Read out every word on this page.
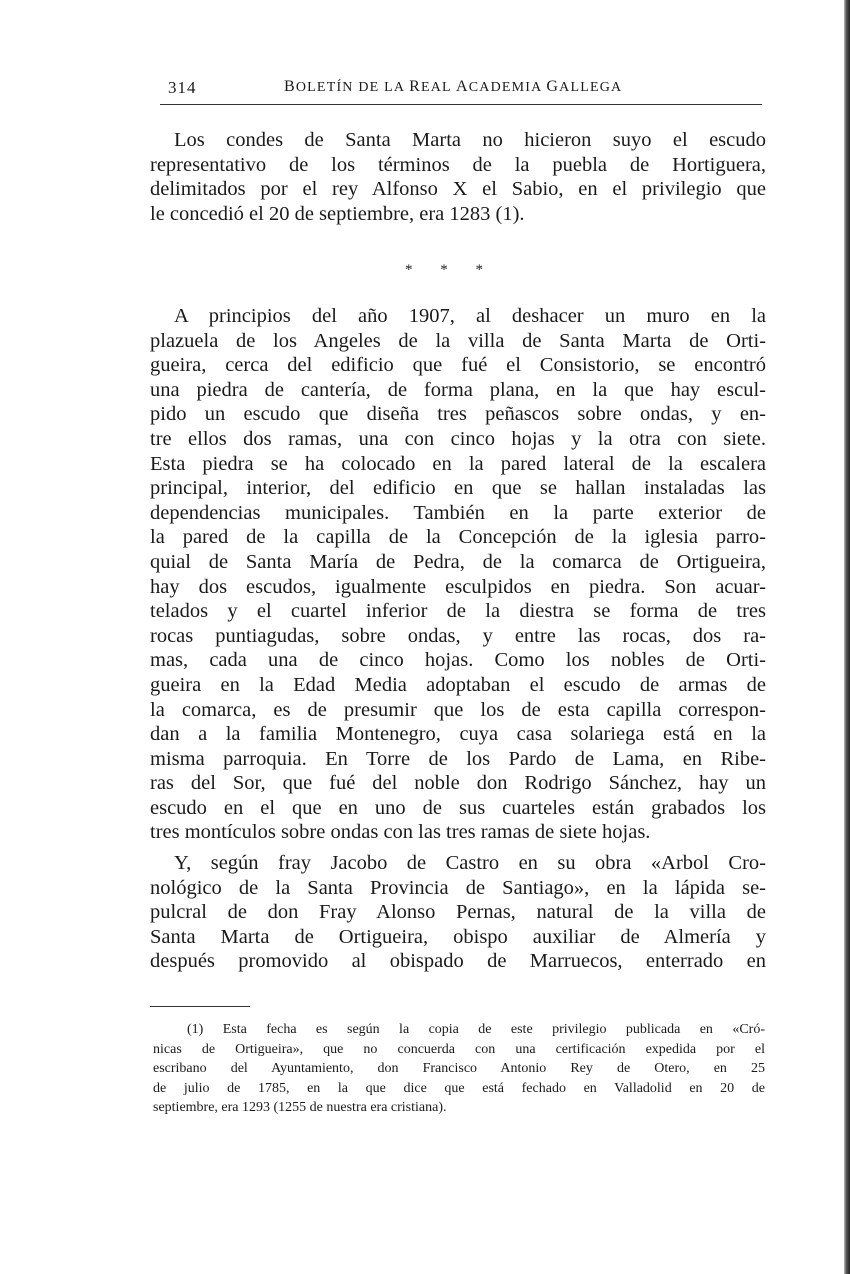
314	BOLETÍN DE LA REAL ACADEMIA GALLEGA
Los condes de Santa Marta no hicieron suyo el escudo
representativo de los términos de la puebla de Hortiguera,
delimitados por el rey Alfonso X el Sabio, en el privilegio que
le concedió el 20 de septiembre, era 1283 (1).
* * *
A principios del año 1907, al deshacer un muro en la
plazuela de los Angeles de la villa de Santa Marta de Orti-
gueira, cerca del edificio que fué el Consistorio, se encontró
una piedra de cantería, de forma plana, en la que hay escul-
pido un escudo que diseña tres peñascos sobre ondas, y en-
tre ellos dos ramas, una con cinco hojas y la otra con siete.
Esta piedra se ha colocado en la pared lateral de la escalera
principal, interior, del edificio en que se hallan instaladas las
dependencias municipales. También en la parte exterior de
la pared de la capilla de la Concepción de la iglesia parro-
quial de Santa María de Pedra, de la comarca de Ortigueira,
hay dos escudos, igualmente esculpidos en piedra. Son acuar-
telados y el cuartel inferior de la diestra se forma de tres
rocas puntiagudas, sobre ondas, y entre las rocas, dos ra-
mas, cada una de cinco hojas. Como los nobles de Orti-
gueira en la Edad Media adoptaban el escudo de armas de
la comarca, es de presumir que los de esta capilla correspon-
dan a la familia Montenegro, cuya casa solariega está en la
misma parroquia. En Torre de los Pardo de Lama, en Ribe-
ras del Sor, que fué del noble don Rodrigo Sánchez, hay un
escudo en el que en uno de sus cuarteles están grabados los
tres montículos sobre ondas con las tres ramas de siete hojas.
Y, según fray Jacobo de Castro en su obra «Arbol Cro-
nológico de la Santa Provincia de Santiago», en la lápida se-
pulcral de don Fray Alonso Pernas, natural de la villa de
Santa Marta de Ortigueira, obispo auxiliar de Almería y
después promovido al obispado de Marruecos, enterrado en
(1) Esta fecha es según la copia de este privilegio publicada en «Cró-
nicas de Ortigueira», que no concuerda con una certificación expedida por el
escribano del Ayuntamiento, don Francisco Antonio Rey de Otero, en 25
de julio de 1785, en la que dice que está fechado en Valladolid en 20 de
septiembre, era 1293 (1255 de nuestra era cristiana).
